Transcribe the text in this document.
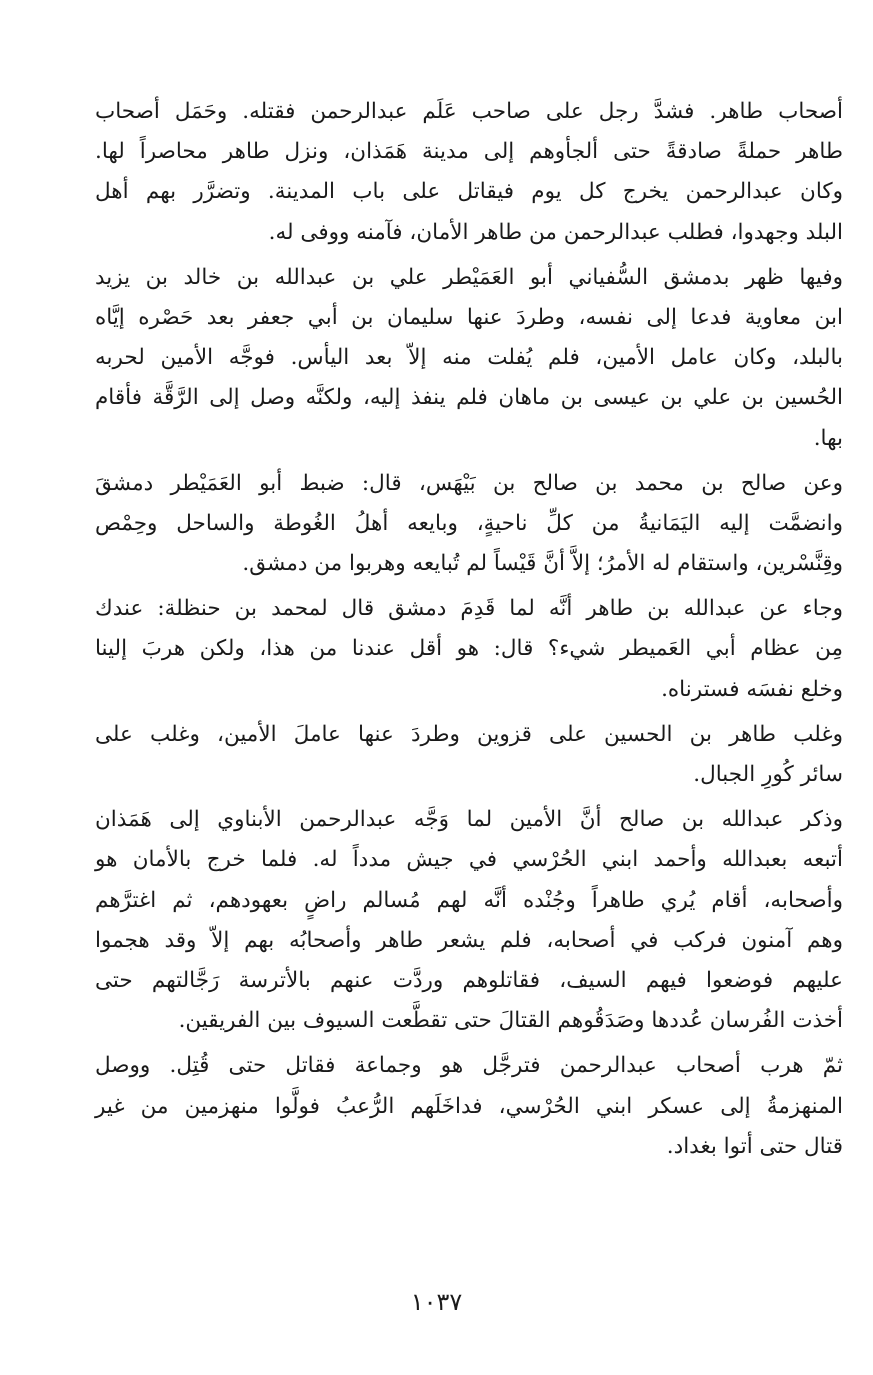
أصحاب طاهر. فشدَّ رجل على صاحب عَلَم عبدالرحمن فقتله. وحَمَل أصحاب
طاهر حملةً صادقةً حتى ألجأوهم إلى مدينة هَمَذان، ونزل طاهر محاصراً لها.
وكان عبدالرحمن يخرج كل يوم فيقاتل على باب المدينة. وتضرَّر بهم أهل
البلد وجهدوا، فطلب عبدالرحمن من طاهر الأمان، فآمنه ووفى له.
وفيها ظهر بدمشق السُّفياني أبو العَمَيْطر علي بن عبدالله بن خالد بن يزيد
ابن معاوية فدعا إلى نفسه، وطردَ عنها سليمان بن أبي جعفر بعد حَصْره إيَّاه
بالبلد، وكان عامل الأمين، فلم يُفلت منه إلاّ بعد اليأس. فوجَّه الأمين لحربه
الحُسين بن علي بن عيسى بن ماهان فلم ينفذ إليه، ولكنَّه وصل إلى الرَّقَّة فأقام
بها.
وعن صالح بن محمد بن صالح بن بَيْهَس، قال: ضبط أبو العَمَيْطر دمشقَ
وانضمَّت إليه اليَمَانيةُ من كلِّ ناحيةٍ، وبايعه أهلُ الغُوطة والساحل وحِمْص
وقِنَّسْرين، واستقام له الأمرُ؛ إلاَّ أنَّ قَيْساً لم تُبايعه وهربوا من دمشق.
وجاء عن عبدالله بن طاهر أنَّه لما قَدِمَ دمشق قال لمحمد بن حنظلة: عندك
مِن عظام أبي العَميطر شيء؟ قال: هو أقل عندنا من هذا، ولكن هربَ إلينا
وخلع نفسَه فسترناه.
وغلب طاهر بن الحسين على قزوين وطردَ عنها عاملَ الأمين، وغلب على
سائر كُورِ الجبال.
وذكر عبدالله بن صالح أنَّ الأمين لما وَجَّه عبدالرحمن الأبناوي إلى هَمَذان
أتبعه بعبدالله وأحمد ابني الحُرْسي في جيش مدداً له. فلما خرج بالأمان هو
وأصحابه، أقام يُري طاهراً وجُنْده أنَّه لهم مُسالم راضٍ بعهودهم، ثم اغترَّهم
وهم آمنون فركب في أصحابه، فلم يشعر طاهر وأصحابُه بهم إلاّ وقد هجموا
عليهم فوضعوا فيهم السيف، فقاتلوهم وردَّت عنهم بالأترسة رَجَّالتهم حتى
أخذت الفُرسان عُددها وصَدَقُوهم القتالَ حتى تقطَّعت السيوف بين الفريقين.
ثمّ هرب أصحاب عبدالرحمن فترجَّل هو وجماعة فقاتل حتى قُتِل. ووصل
المنهزمةُ إلى عسكر ابني الحُرْسي، فداخَلَهم الرُّعبُ فولَّوا منهزمين من غير
قتال حتى أتوا بغداد.
١٠٣٧
